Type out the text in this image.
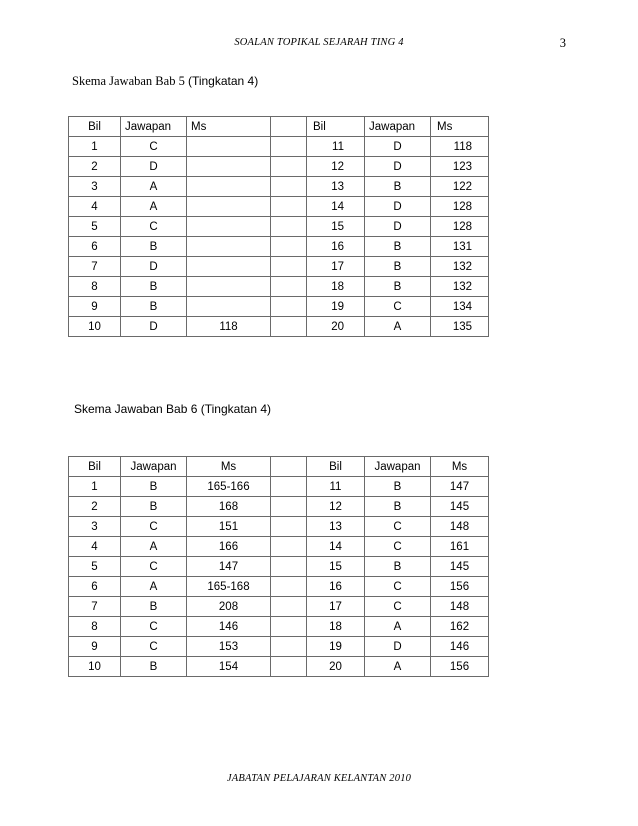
SOALAN TOPIKAL SEJARAH TING 4	3
Skema Jawaban Bab 5 (Tingkatan 4)
Bil	Jawapan	Ms		Bil	Jawapan	Ms
1	C			11	D	118
2	D			12	D	123
3	A			13	B	122
4	A			14	D	128
5	C			15	D	128
6	B			16	B	131
7	D			17	B	132
8	B			18	B	132
9	B			19	C	134
10	D	118		20	A	135
Skema Jawaban Bab 6 (Tingkatan 4)
Bil	Jawapan	Ms		Bil	Jawapan	Ms
1	B	165-166		11	B	147
2	B	168		12	B	145
3	C	151		13	C	148
4	A	166		14	C	161
5	C	147		15	B	145
6	A	165-168		16	C	156
7	B	208		17	C	148
8	C	146		18	A	162
9	C	153		19	D	146
10	B	154		20	A	156
JABATAN PELAJARAN KELANTAN 2010
